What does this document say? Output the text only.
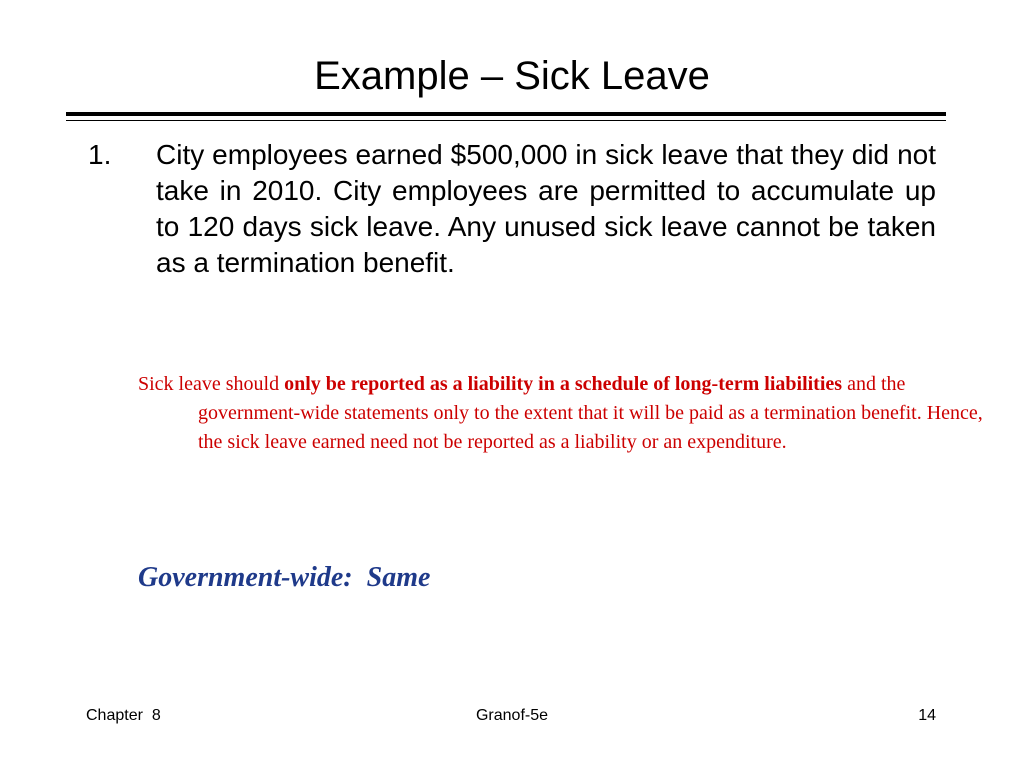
Example – Sick Leave
1. City employees earned $500,000 in sick leave that they did not take in 2010. City employees are permitted to accumulate up to 120 days sick leave. Any unused sick leave cannot be taken as a termination benefit.
Sick leave should only be reported as a liability in a schedule of long-term liabilities and the government-wide statements only to the extent that it will be paid as a termination benefit. Hence, the sick leave earned need not be reported as a liability or an expenditure.
Government-wide:  Same
Chapter  8	Granof-5e	14
